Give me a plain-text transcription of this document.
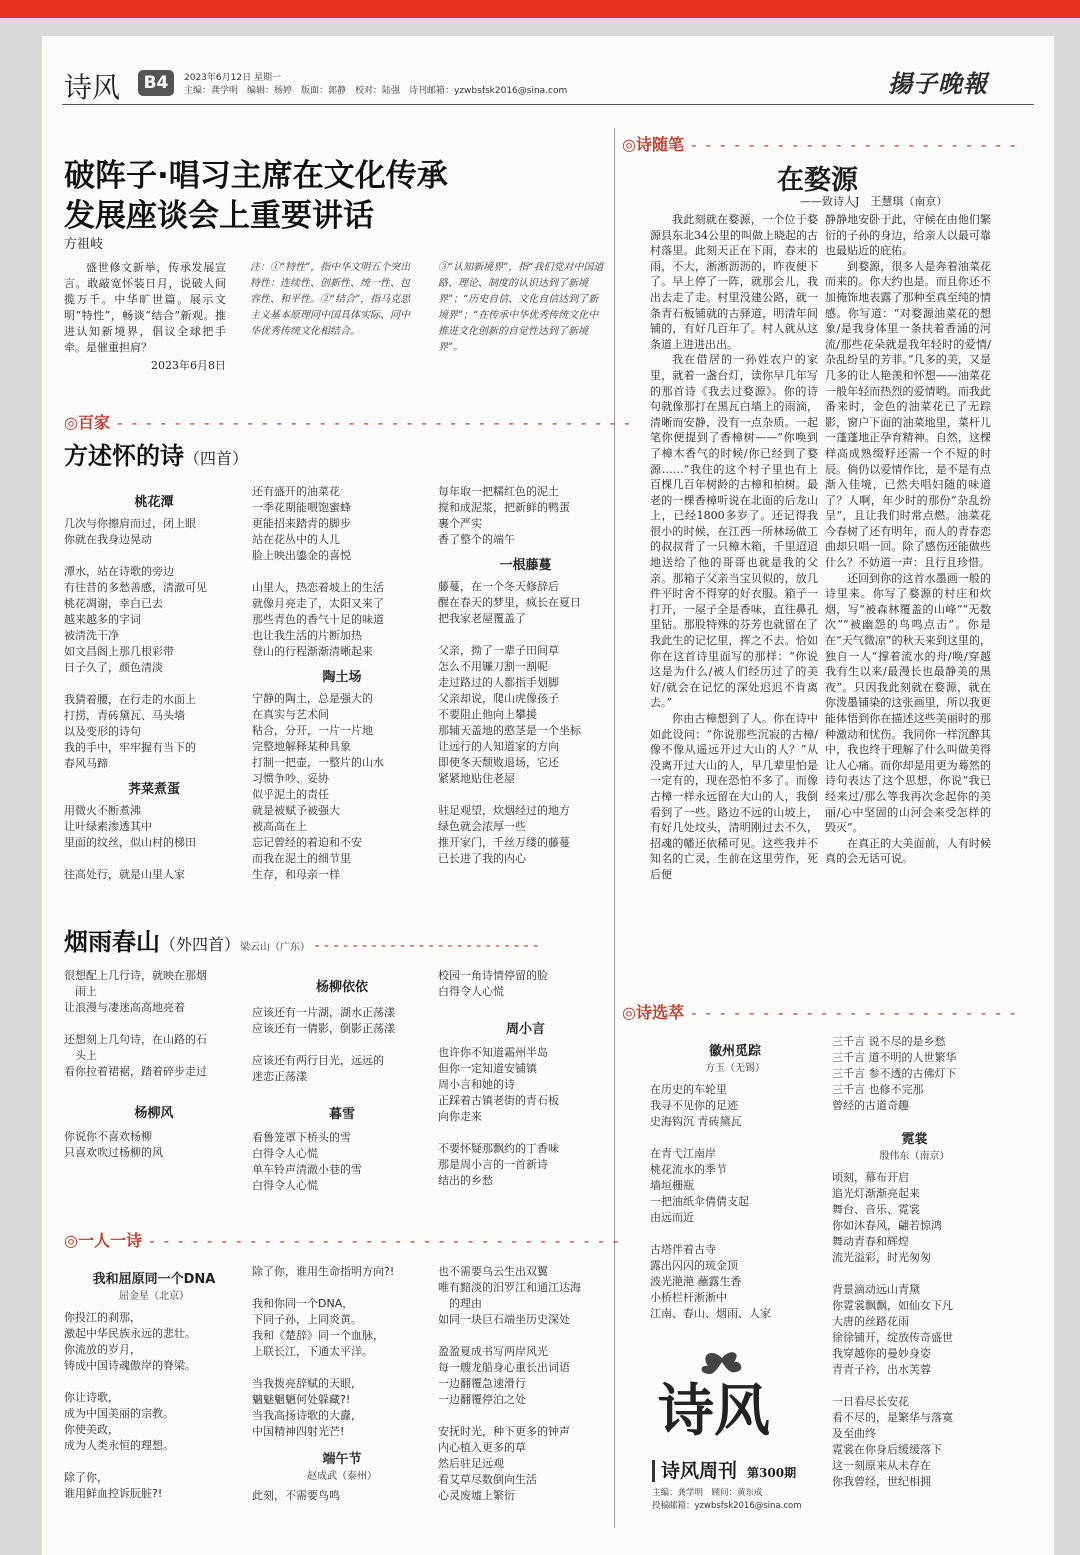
诗风	B4	2023年6月12日 星期一
主编：龚学明　编辑：杨婷　版面：郭静　校对：陆强　诗刊邮箱：yzwbsfsk2016@sina.com	揚子晚報
破阵子·唱习主席在文化传承
发展座谈会上重要讲话
方祖岐
盛世修文新举，传承发展宣言。敢敲宽怀装日月，说破人间揽万千。中华旷世篇。展示文明“特性”，畅谈“结合”新观。推进认知新境界，倡议全球把手牵。是催重担肩？
2023年6月8日
注：①“特性”，指中华文明五个突出特性：连续性、创新性、统一性、包容性、和平性。②“结合”，指马克思主义基本原理同中国具体实际、同中华优秀传统文化相结合。
③“认知新境界”，指“我们党对中国道路、理论、制度的认识达到了新境界”；“历史自信、文化自信达到了新境界”；“在传承中华优秀传统文化中推进文化创新的自觉性达到了新境界”。
◎百家 - - - - - - - - - - - - - - - - - - - - - - - - - - - - - - - - - - - -
方述怀的诗（四首）
桃花潭
几次与你擦肩而过，闭上眼
你就在我身边晃动

潭水，站在诗歌的旁边
有往昔的多愁善感，清澈可见
桃花凋谢，幸白已去
越来越多的字词
被清洗干净
如文昌阁上那几根彩带
日子久了，颜色清淡

我猜着腰，在行走的水面上
打捞，青砖黛瓦、马头墙
以及变形的诗句
我的手中，牢牢握有当下的
春风马蹄
荠菜煮蛋
用微火不断煮沸
让叶绿素渗透其中
里面的纹丝，似山村的梯田

往高处行，就是山里人家
还有盛开的油菜花
一季花期能喂饱蜜蜂
更能招来踏青的脚步
站在花丛中的人儿
脸上映出鎏金的喜悦

山里人，热恋着坡上的生活
就像月亮走了，太阳又来了
那些青色的香气十足的味道
也让我生活的片断加热
登山的行程渐渐清晰起来
陶土场
宁静的陶土，总是强大的
在真实与艺术间
粘合，分开，一片一片地
完整地解释某种具象
打制一把壶，一整片的山水
习惯争吵、妥协
似乎泥土的责任
就是被赋予被强大
被高高在上
忘记曾经的着迫和不安
而我在泥土的细节里
生存，和母亲一样
每年取一把糯红色的泥土
搅和成泥浆，把新鲜的鸭蛋
裹个严实
香了整个的端午
一根藤蔓
藤蔓，在一个冬天修辞后
醒在春天的梦里，疯长在夏日
把我家老屋覆盖了

父亲，拗了一辈子田间草
怎么不用镰刀割一割呢
走过路过的人都指手划脚
父亲却说，爬山虎像孩子
不要阻止他向上攀援
那辅天盖地的憨茎是一个坐标
让远行的人知道家的方向
即使冬天颓败退场，它还
紧紧地贴住老屋

驻足观望，炊烟经过的地方
绿色就会浓厚一些
推开家门，千丝万缕的藤蔓
已长进了我的内心
烟雨春山（外四首）梁云山（广东） - - - - - - - - - - - - - - - - - - - - - - - -
很想配上几行诗，就映在那烟
　雨上
让浪漫与凄迷高高地亮着

还想刻上几句诗，在山路的石
　头上
看你拉着裙裾，踏着碎步走过
杨柳风
你说你不喜欢杨柳
只喜欢吹过杨柳的风
杨柳依依
应该还有一片湖，湖水正荡漾
应该还有一倩影，倒影正荡漾

应该还有两行目光，远远的
迷恋正荡漾
暮雪
看鲁笼罩下桥头的雪
白得令人心慌
单车铃声清澈小巷的雪
白得令人心慌
校园一角诗情停留的脸
白得令人心慌
周小言
也许你不知道霜州半岛
但你一定知道安铺镇
周小言和她的诗
正踩着古镇老街的青石板
向你走来

不要怀疑那飘约的丁香味
那是周小言的一首新诗
结出的乡愁
◎一人一诗 - - - - - - - - - - - - - - - - - - - - - - - - - - - - - - - - -
我和屈原同一个DNA
屈金星（北京）
你投江的刹那，
激起中华民族永远的悲壮。
你流放的岁月，
铸成中国诗魂傲岸的脊梁。

你让诗歌，
成为中国美丽的宗教。
你使美政，
成为人类永恒的理想。

除了你，
谁用鲜血控诉朊脏?!
除了你，谁用生命指明方向?!

我和你同一个DNA，
下同子孙，上同炎黄。
我和《楚辞》同一个血脉，
上联长江，下通太平洋。

当我拨亮辞赋的天眼，
魑魅魍魉何处躲藏?!
当我高扬诗歌的大纛，
中国精神四射光芒!
端午节
赵成武（泰州）
此刻，不需要鸟鸣
也不需要乌云生出双翼
唯有黯淡的汨罗江和通江达海
　的理由
如同一块巨石端坐历史深处

盈盈夏成书写两岸风光
每一艘龙船身心重长出词语
一边翻覆急速滑行
一边翻覆停泊之处

安抚时光，种下更多的钟声
内心植入更多的草
然后驻足远观
看艾草尽数倒向生活
心灵废墟上繁衍
◎诗随笔 - - - - - - - - - - - - - - - - - - - - - - -
在婺源
——致诗人J　王慧琪（南京）
我此刻就在婺源，一个位于婺源县东北34公里的叫做上晓起的古村落里。此刻天正在下雨，春末的雨，不大，淅淅沥沥的，昨夜便下了。早上停了一阵，就那会儿，我出去走了走。村里没建公路，就一条青石板铺就的古驿道，明清年间铺的，有好几百年了。村人就从这条道上进进出出。
我在借居的一孙姓农户的家里，就着一盏台灯，读你早几年写的那首诗《我去过婺源》。你的诗句就像那打在黑瓦白墙上的雨滴，清晰而安静，没有一点杂质。一起笔你便提到了香樟树——“你唤到了樟木香气的时候/你已经到了婺源……”我住的这个村子里也有上百棵几百年树龄的古樟和柏树。最老的一棵香樟听说在北面的后龙山上，已经1800多岁了。还记得我很小的时候，在江西一所林场做工的叔叔背了一只樟木箱，千里迢迢地送给了他的哥哥也就是我的父亲。那箱子父亲当宝贝似的，放几件平时舍不得穿的好衣服。箱子一打开，一屋子全是香味，直往鼻孔里钻。那股特殊的芬芳也就留在了我此生的记忆里，挥之不去。恰如你在这首诗里面写的那样：“你说这是为什么/被人们经历过了的美好/就会在记忆的深处迟迟不肯离去。”
你由古樟想到了人。你在诗中如此设问：“你说那些沉寂的古樟/像不像从遥远开过大山的人？”从没离开过大山的人，早几辈里怕是一定有的，现在恐怕不多了。而像古樟一样永远留在大山的人，我倒看到了一些。路边不远的山坡上，有好几处坟头，清明刚过去不久，招魂的幡还依稀可见。这些我并不知名的亡灵，生前在这里劳作，死后便
静静地安卧于此，守候在由他们繁衍的子孙的身边，给亲人以最可靠也最贴近的庇佑。
到婺源，很多人是奔着油菜花而来的。你大约也是。而且你还不加掩饰地表露了那种至真至纯的情感。你写道：“对婺源油菜花的想象/是我身体里一条扶着香涌的河流/那些花朵就是我年轻时的爱情/杂乱纷呈的芳菲。”几多的美，又是几多的让人艳羡和怀想——油菜花一般年轻而热烈的爱情哟。而我此番来时，金色的油菜花已了无踪影，窗户下面的油菜地里，菜杆儿一蓬蓬地正孕育精神。自然，这棵样高成熟缀籽还需一个不短的时辰。倘仍以爱情作比，是不是有点渐入佳境，已然夫唱妇随的味道了？人啊，年少时的那份“杂乱纷呈”，且让我们时常点燃。油菜花今春树了还有明年，而人的青春恋曲却只唱一回。除了感伤还能做些什么？不妨道一声：且行且珍惜。
还回到你的这首水墨画一般的诗里来。你写了婺源的村庄和炊烟，写“被森林覆盖的山峰”“无数次”“被幽怨的鸟鸣点击”。你是在“天气微凉”的秋天来到这里的，独自一人“撑着流水的舟/唤/穿越我有生以来/最漫长也最静美的黑夜”。只因我此刻就在婺源，就在你泼墨铺染的这张画里，所以我更能体悟到你在描述这些美丽时的那种激动和忧伤。我同你一样沉醉其中，我也终于理解了什么叫做美得让人心痛。而你却是用更为蓦然的诗句表达了这个思想，你说“我已经来过/那么等我再次念起你的美丽/心中坚固的山河会来受怎样的毁灭”。
在真正的大美面前，人有时候真的会无话可说。
◎诗选萃 - - - - - - - - - - - - - - - - - - - - - - -
徽州觅踪
方玉（无锡）
在历史的车轮里
我寻不见你的足迹
史海钩沉 青砖黛瓦

在青弋江南岸
桃花流水的季节
墙垣栅瓶
一把油纸伞倩倩支起
由远而近

古塔伴着古寺
露出闪闪的琉金顶
波光滟滟 蘸露生香
小桥栏杆淅淅中
江南、春山、烟雨、人家
三千言 说不尽的是乡愁
三千言 道不明的人世繁华
三千言 参不透的古佛灯下
三千言 也修不完那
曾经的古道奇趣
霓裳
殷伟东（南京）
顷刻，幕布开启
追光灯渐渐亮起来
舞台、音乐、霓裳
你如沐春风，翩若惊鸿
舞动青春和辉煌
流光溢彩，时光匆匆

背景滴动远山青黛
你霓裳飘飘，如仙女下凡
大唐的丝路花雨
徐徐铺开，绽放传奇盛世
我穿越你的曼妙身姿
青青子衿，出水芙蓉

一日看尽长安花
看不尽的，是繁华与落寞
及至曲终
霓裳在你身后缓缓落下
这一刻原来从未存在
你我曾经，世纪相拥
诗风
诗风周刊 第300期
主编：龚学明　顾问：黄东成
投稿邮箱：yzwbsfsk2016@sina.com
